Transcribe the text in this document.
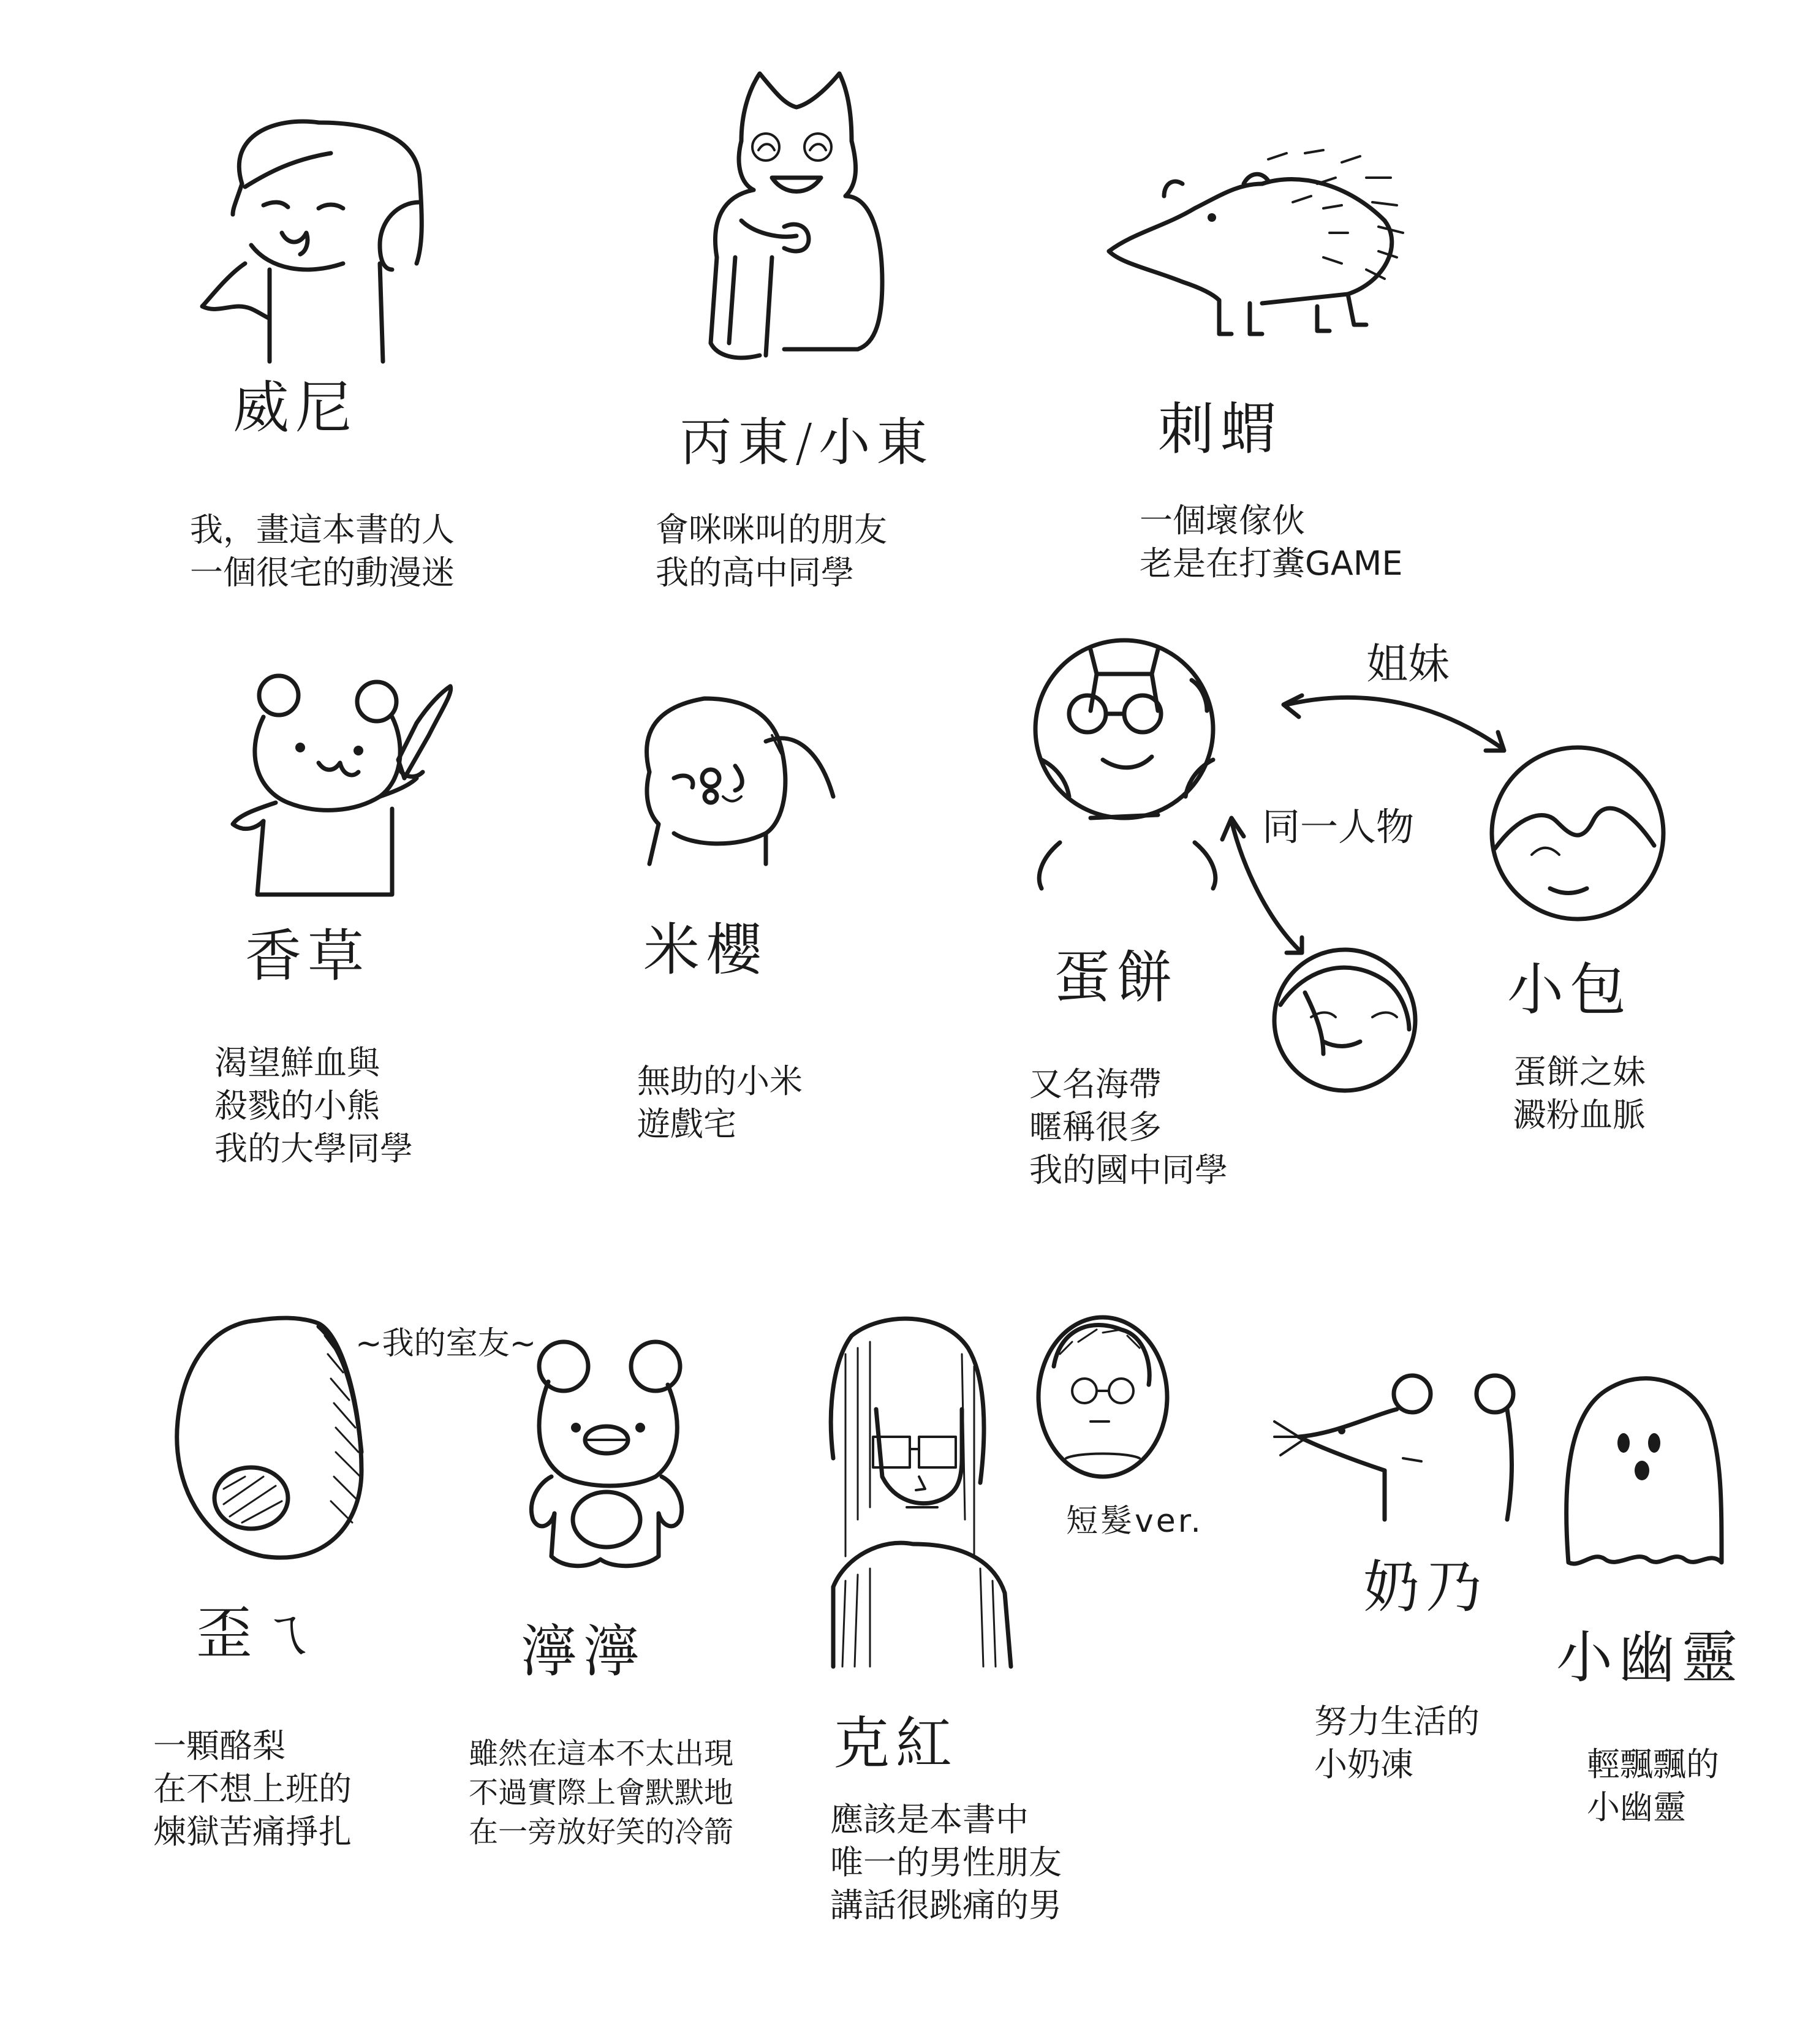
威尼
丙東/小東	刺蝟
香草	米櫻	蛋餅	小包
歪ㄟ	濘濘
克紅
奶乃
小幽靈
姐妹
同一人物
~我的室友~
短髮ver.
我，畫這本書的人
一個很宅的動漫迷
會咪咪叫的朋友
我的高中同學
一個壞傢伙
老是在打糞GAME
渴望鮮血與
殺戮的小熊
我的大學同學
無助的小米
遊戲宅
又名海帶
暱稱很多
我的國中同學
蛋餅之妹
澱粉血脈
一顆酪梨
在不想上班的
煉獄苦痛掙扎
雖然在這本不太出現
不過實際上會默默地
在一旁放好笑的冷箭	應該是本書中
唯一的男性朋友
講話很跳痛的男
努力生活的
小奶凍	輕飄飄的
小幽靈
